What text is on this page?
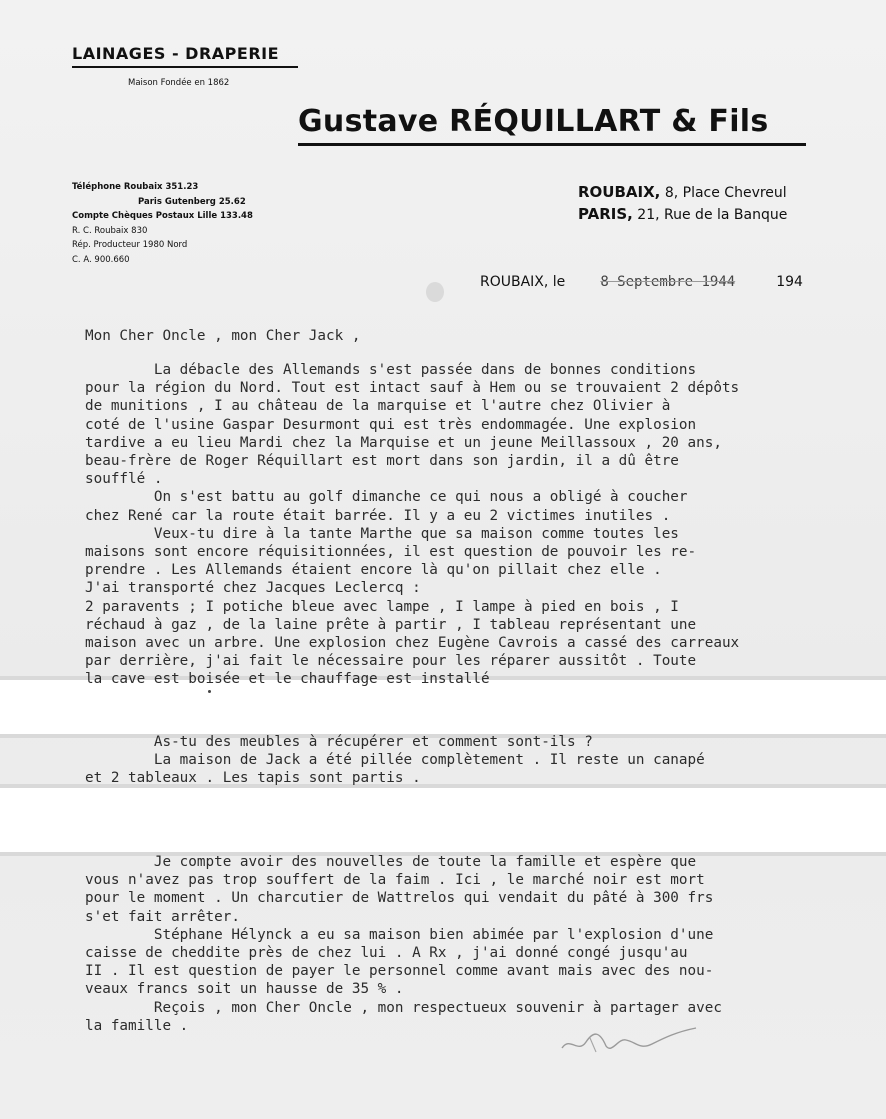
LAINAGES - DRAPERIE
Maison Fondée en 1862
Gustave RÉQUILLART & Fils
Téléphone Roubaix 351.23
Paris Gutenberg 25.62
Compte Chèques Postaux Lille 133.48
R. C. Roubaix 830
Rép. Producteur 1980 Nord
C. A. 900.660
ROUBAIX, 8, Place Chevreul
PARIS, 21, Rue de la Banque
ROUBAIX, le	8 Septembre 1944	194
Mon Cher Oncle , mon Cher Jack ,
La débacle des Allemands s'est passée dans de bonnes conditions
pour la région du Nord. Tout est intact sauf à Hem ou se trouvaient 2 dépôts
de munitions , I au château de la marquise et l'autre chez Olivier à
coté de l'usine Gaspar Desurmont qui est très endommagée. Une explosion
tardive a eu lieu Mardi chez la Marquise et un jeune Meillassoux , 20 ans,
beau-frère de Roger Réquillart est mort dans son jardin, il a dû être
soufflé .
On s'est battu au golf dimanche ce qui nous a obligé à coucher
chez René car la route était barrée. Il y a eu 2 victimes inutiles .
Veux-tu dire à la tante Marthe que sa maison comme toutes les
maisons sont encore réquisitionnées, il est question de pouvoir les re-
prendre . Les Allemands étaient encore là qu'on pillait chez elle .
J'ai transporté chez Jacques Leclercq :
2 paravents ; I potiche bleue avec lampe , I lampe à pied en bois , I
réchaud à gaz , de la laine prête à partir , I tableau représentant une
maison avec un arbre. Une explosion chez Eugène Cavrois a cassé des carreaux
par derrière, j'ai fait le nécessaire pour les réparer aussitôt . Toute
la cave est boisée et le chauffage est installé
As-tu des meubles à récupérer et comment sont-ils ?
La maison de Jack a été pillée complètement . Il reste un canapé
et 2 tableaux . Les tapis sont partis .
Je compte avoir des nouvelles de toute la famille et espère que
vous n'avez pas trop souffert de la faim . Ici , le marché noir est mort
pour le moment . Un charcutier de Wattrelos qui vendait du pâté à 300 frs
s'et fait arrêter.
Stéphane Hélynck a eu sa maison bien abimée par l'explosion d'une
caisse de cheddite près de chez lui . A Rx , j'ai donné congé jusqu'au
II . Il est question de payer le personnel comme avant mais avec des nou-
veaux francs soit un hausse de 35 % .
Reçois , mon Cher Oncle , mon respectueux souvenir à partager avec
la famille .
